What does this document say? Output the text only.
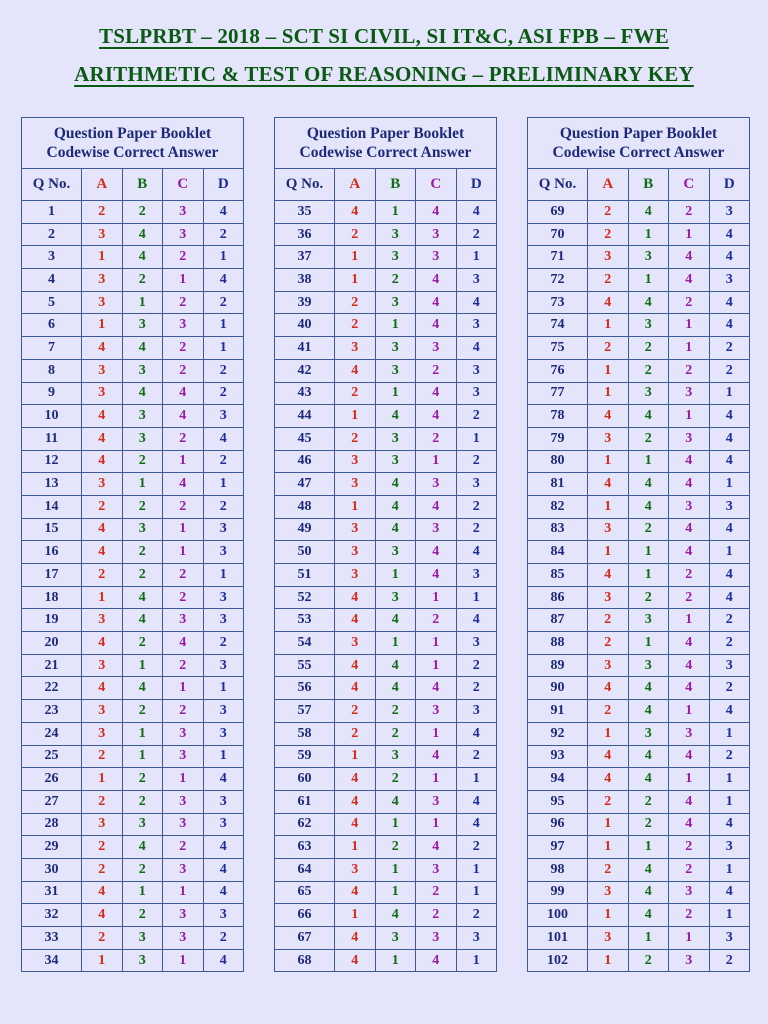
TSLPRBT – 2018 – SCT SI CIVIL, SI IT&C, ASI FPB – FWE
ARITHMETIC & TEST OF REASONING – PRELIMINARY KEY
Question Paper Booklet
Codewise Correct Answer				
Q No.	A	B	C	D
1	2	2	3	4
2	3	4	3	2
3	1	4	2	1
4	3	2	1	4
5	3	1	2	2
6	1	3	3	1
7	4	4	2	1
8	3	3	2	2
9	3	4	4	2
10	4	3	4	3
11	4	3	2	4
12	4	2	1	2
13	3	1	4	1
14	2	2	2	2
15	4	3	1	3
16	4	2	1	3
17	2	2	2	1
18	1	4	2	3
19	3	4	3	3
20	4	2	4	2
21	3	1	2	3
22	4	4	1	1
23	3	2	2	3
24	3	1	3	3
25	2	1	3	1
26	1	2	1	4
27	2	2	3	3
28	3	3	3	3
29	2	4	2	4
30	2	2	3	4
31	4	1	1	4
32	4	2	3	3
33	2	3	3	2
34	1	3	1	4
Question Paper Booklet
Codewise Correct Answer				
Q No.	A	B	C	D
35	4	1	4	4
36	2	3	3	2
37	1	3	3	1
38	1	2	4	3
39	2	3	4	4
40	2	1	4	3
41	3	3	3	4
42	4	3	2	3
43	2	1	4	3
44	1	4	4	2
45	2	3	2	1
46	3	3	1	2
47	3	4	3	3
48	1	4	4	2
49	3	4	3	2
50	3	3	4	4
51	3	1	4	3
52	4	3	1	1
53	4	4	2	4
54	3	1	1	3
55	4	4	1	2
56	4	4	4	2
57	2	2	3	3
58	2	2	1	4
59	1	3	4	2
60	4	2	1	1
61	4	4	3	4
62	4	1	1	4
63	1	2	4	2
64	3	1	3	1
65	4	1	2	1
66	1	4	2	2
67	4	3	3	3
68	4	1	4	1
Question Paper Booklet
Codewise Correct Answer				
Q No.	A	B	C	D
69	2	4	2	3
70	2	1	1	4
71	3	3	4	4
72	2	1	4	3
73	4	4	2	4
74	1	3	1	4
75	2	2	1	2
76	1	2	2	2
77	1	3	3	1
78	4	4	1	4
79	3	2	3	4
80	1	1	4	4
81	4	4	4	1
82	1	4	3	3
83	3	2	4	4
84	1	1	4	1
85	4	1	2	4
86	3	2	2	4
87	2	3	1	2
88	2	1	4	2
89	3	3	4	3
90	4	4	4	2
91	2	4	1	4
92	1	3	3	1
93	4	4	4	2
94	4	4	1	1
95	2	2	4	1
96	1	2	4	4
97	1	1	2	3
98	2	4	2	1
99	3	4	3	4
100	1	4	2	1
101	3	1	1	3
102	1	2	3	2
